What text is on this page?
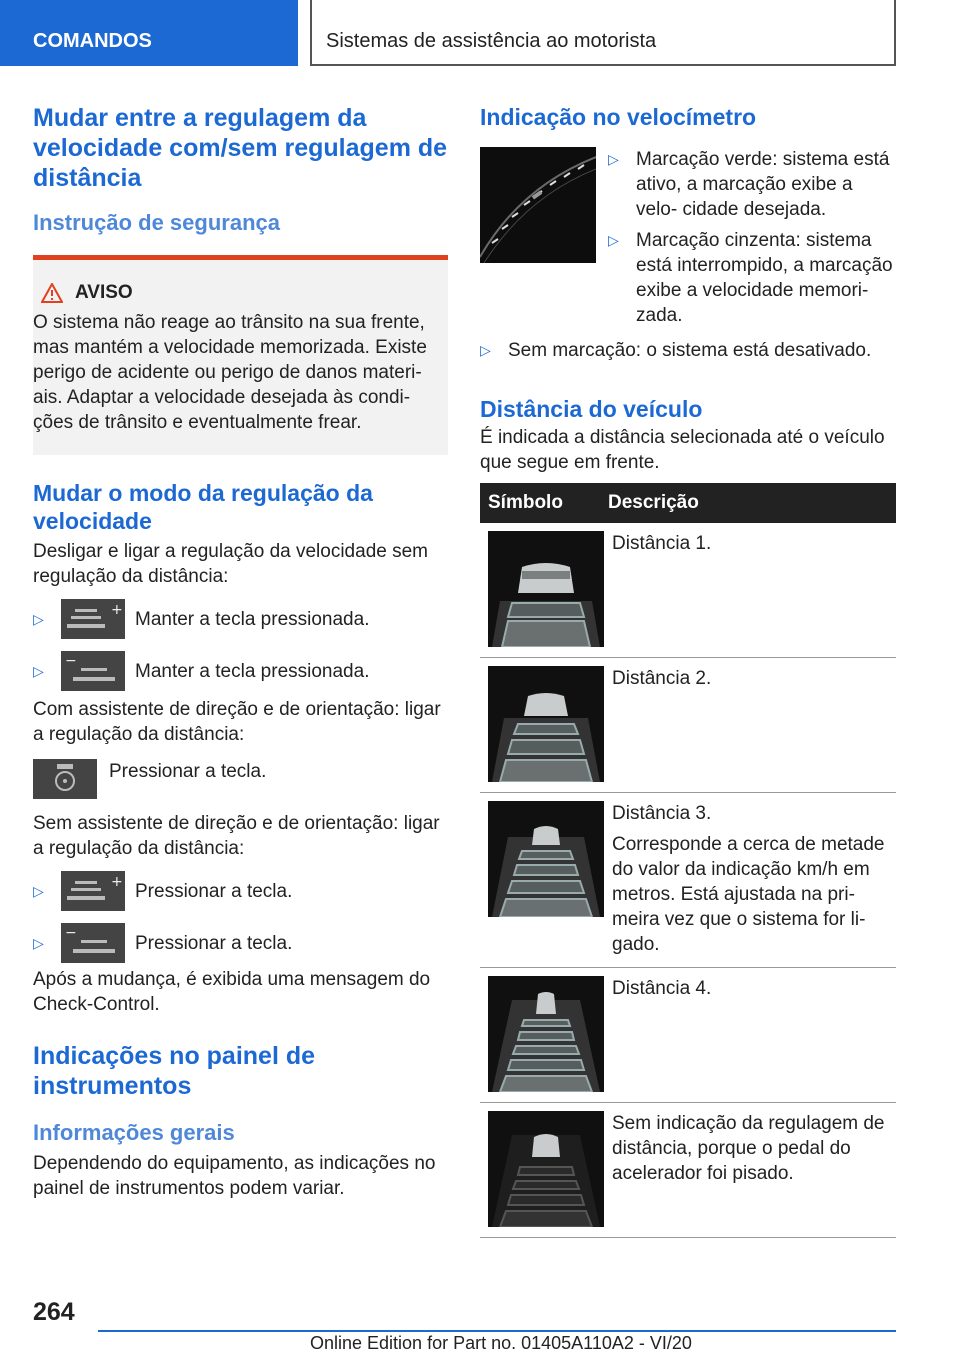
COMANDOS	Sistemas de assistência ao motorista
Mudar entre a regulagem da velocidade com/sem regulagem de distância
Instrução de segurança
AVISO

O sistema não reage ao trânsito na sua frente, mas mantém a velocidade memorizada. Existe perigo de acidente ou perigo de danos materi- ais. Adaptar a velocidade desejada às condi- ções de trânsito e eventualmente frear.

Mudar o modo da regulação da velocidade

Desligar e ligar a regulação da velocidade sem regulação da distância:

▷
+ Manter a tecla pressionada.
▷
−	Manter a tecla pressionada.

Com assistente de direção e de orientação: ligar a regulação da distância:

Pressionar a tecla.

Sem assistente de direção e de orientação: ligar a regulação da distância:

▷
+ Pressionar a tecla.
▷
−	Pressionar a tecla.

Após a mudança, é exibida uma mensagem do Check-Control.

Indicações no painel de instrumentos
Informações gerais

Dependendo do equipamento, as indicações no painel de instrumentos podem variar.

Indicação no velocímetro
▷ Marcação verde: sistema está ativo, a marcação exibe a velo- cidade desejada.
▷ Marcação cinzenta: sistema está interrompido, a marcação exibe a velocidade memori- zada.
▷ Sem marcação: o sistema está desativado.
Distância do veículo

É indicada a distância selecionada até o veículo que segue em frente.

Símbolo	Descrição
Distância 1.
Distância 2.
Distância 3.
Corresponde a cerca de metade do valor da indicação km/h em metros. Está ajustada na pri- meira vez que o sistema for li- gado.
Distância 4.
Sem indicação da regulagem de distância, porque o pedal do acelerador foi pisado.
264
Online Edition for Part no. 01405A110A2 - VI/20
